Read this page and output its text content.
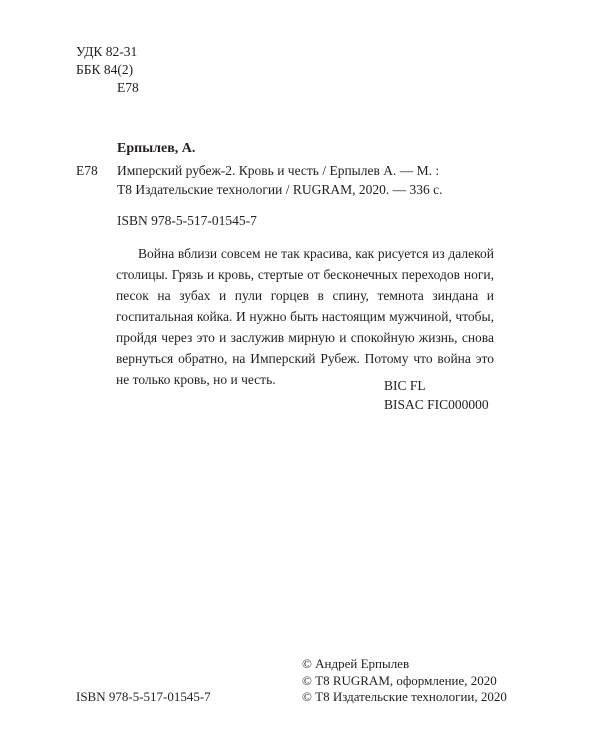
УДК 82-31
ББК 84(2)
Е78
Е78
Ерпылев, А.
Имперский рубеж-2. Кровь и честь / Ерпылев А. — М. :
Т8 Издательские технологии / RUGRAM, 2020. — 336 с.
ISBN 978-5-517-01545-7

Война вблизи совсем не так красива, как рисуется из далекой столицы. Грязь и кровь, стертые от бесконечных переходов ноги, песок на зубах и пули горцев в спину, темнота зиндана и госпитальная койка. И нужно быть настоящим мужчиной, чтобы, пройдя через это и заслужив мирную и спокойную жизнь, снова вернуться обратно, на Имперский Рубеж. Потому что война это не только кровь, но и честь.	BIC FL
BISAC FIC000000
ISBN 978-5-517-01545-7
© Андрей Ерпылев
© Т8 RUGRAM, оформление, 2020
© Т8 Издательские технологии, 2020
